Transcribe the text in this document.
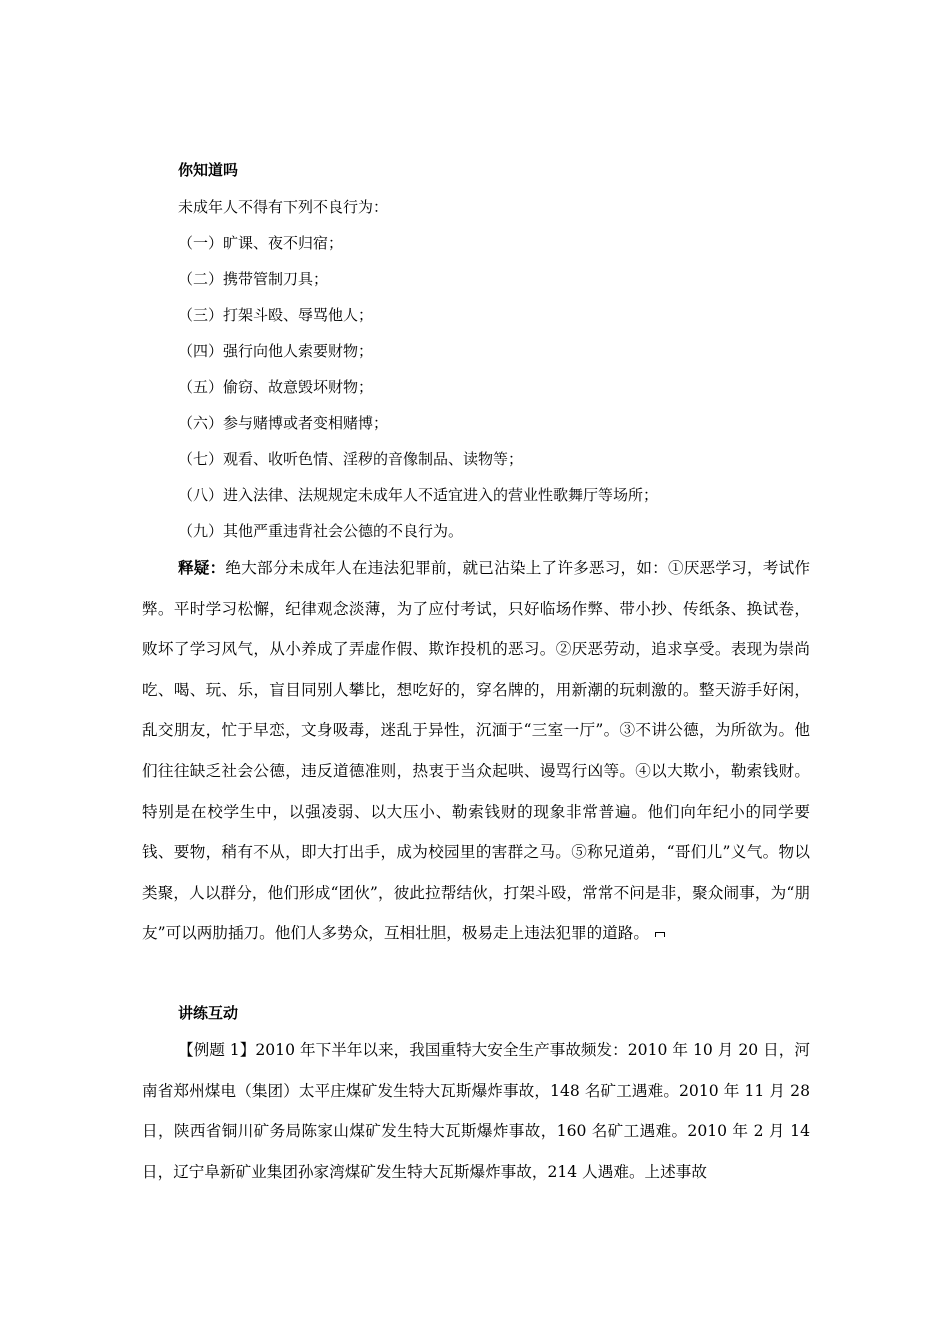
你知道吗
未成年人不得有下列不良行为：
（一）旷课、夜不归宿；
（二）携带管制刀具；
（三）打架斗殴、辱骂他人；
（四）强行向他人索要财物；
（五）偷窃、故意毁坏财物；
（六）参与赌博或者变相赌博；
（七）观看、收听色情、淫秽的音像制品、读物等；
（八）进入法律、法规规定未成年人不适宜进入的营业性歌舞厅等场所；
（九）其他严重违背社会公德的不良行为。
释疑：绝大部分未成年人在违法犯罪前，就已沾染上了许多恶习，如：①厌恶学习，考试作弊。平时学习松懈，纪律观念淡薄，为了应付考试，只好临场作弊、带小抄、传纸条、换试卷，败坏了学习风气，从小养成了弄虚作假、欺诈投机的恶习。②厌恶劳动，追求享受。表现为崇尚吃、喝、玩、乐，盲目同别人攀比，想吃好的，穿名牌的，用新潮的玩刺激的。整天游手好闲，乱交朋友，忙于早恋，文身吸毒，迷乱于异性，沉湎于“三室一厅”。③不讲公德，为所欲为。他们往往缺乏社会公德，违反道德准则，热衷于当众起哄、谩骂行凶等。④以大欺小，勒索钱财。特别是在校学生中，以强凌弱、以大压小、勒索钱财的现象非常普遍。他们向年纪小的同学要钱、要物，稍有不从，即大打出手，成为校园里的害群之马。⑤称兄道弟，“哥们儿”义气。物以类聚，人以群分，他们形成“团伙”，彼此拉帮结伙，打架斗殴，常常不问是非，聚众闹事，为“朋友”可以两肋插刀。他们人多势众，互相壮胆，极易走上违法犯罪的道路。
讲练互动
【例题 1】2010 年下半年以来，我国重特大安全生产事故频发：2010 年 10 月 20 日，河南省郑州煤电（集团）太平庄煤矿发生特大瓦斯爆炸事故，148 名矿工遇难。2010 年 11 月 28 日，陕西省铜川矿务局陈家山煤矿发生特大瓦斯爆炸事故，160 名矿工遇难。2010 年 2 月 14 日，辽宁阜新矿业集团孙家湾煤矿发生特大瓦斯爆炸事故，214 人遇难。上述事故
